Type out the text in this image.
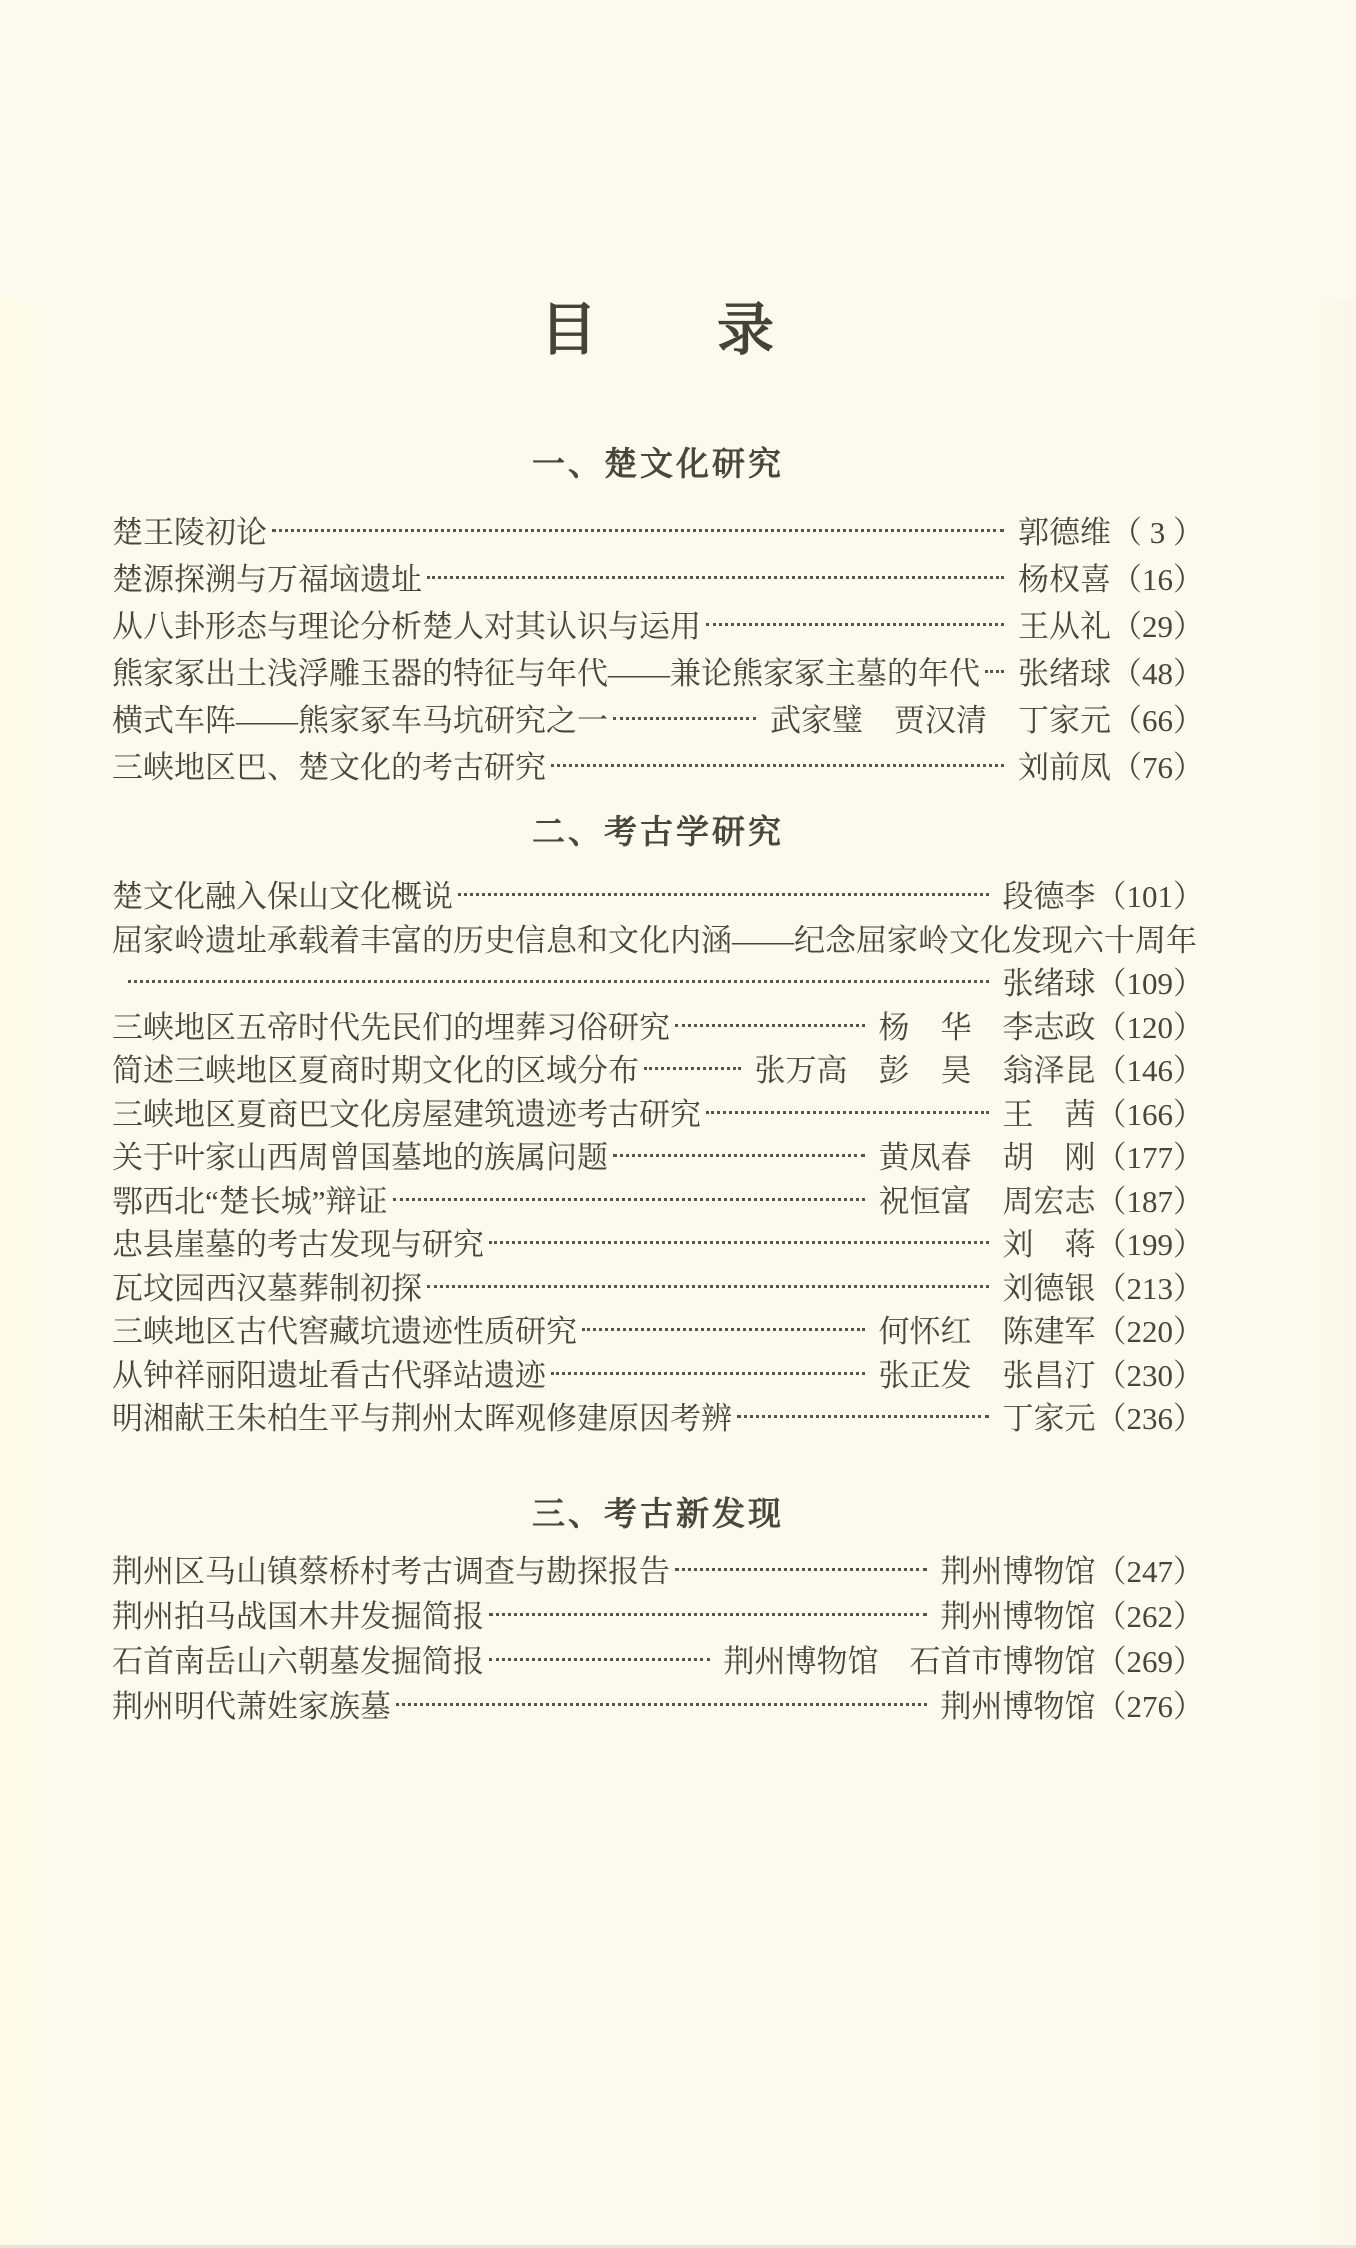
目　　录
一、楚文化研究
楚王陵初论	郭德维 （ 3 ）
楚源探溯与万福垴遗址	杨权喜 （16）
从八卦形态与理论分析楚人对其认识与运用	王从礼 （29）
熊家冢出土浅浮雕玉器的特征与年代——兼论熊家冢主墓的年代 张绪球 （48）
横式车阵——熊家冢车马坑研究之一	武家璧　贾汉清　丁家元 （66）
三峡地区巴、楚文化的考古研究	刘前凤 （76）
二、考古学研究
楚文化融入保山文化概说	段德李 （101）
屈家岭遗址承载着丰富的历史信息和文化内涵——纪念屈家岭文化发现六十周年
张绪球 （109）
三峡地区五帝时代先民们的埋葬习俗研究	杨　华　李志政 （120）
简述三峡地区夏商时期文化的区域分布	张万高　彭　昊　翁泽昆 （146）
三峡地区夏商巴文化房屋建筑遗迹考古研究	王　茜 （166）
关于叶家山西周曾国墓地的族属问题	黄凤春　胡　刚 （177）
鄂西北“楚长城”辩证	祝恒富　周宏志 （187）
忠县崖墓的考古发现与研究	刘　蒋 （199）
瓦坟园西汉墓葬制初探	刘德银 （213）
三峡地区古代窖藏坑遗迹性质研究	何怀红　陈建军 （220）
从钟祥丽阳遗址看古代驿站遗迹	张正发　张昌汀 （230）
明湘献王朱柏生平与荆州太晖观修建原因考辨	丁家元 （236）
三、考古新发现
荆州区马山镇蔡桥村考古调查与勘探报告	荆州博物馆 （247）
荆州拍马战国木井发掘简报	荆州博物馆 （262）
石首南岳山六朝墓发掘简报	荆州博物馆　石首市博物馆 （269）
荆州明代萧姓家族墓	荆州博物馆 （276）
